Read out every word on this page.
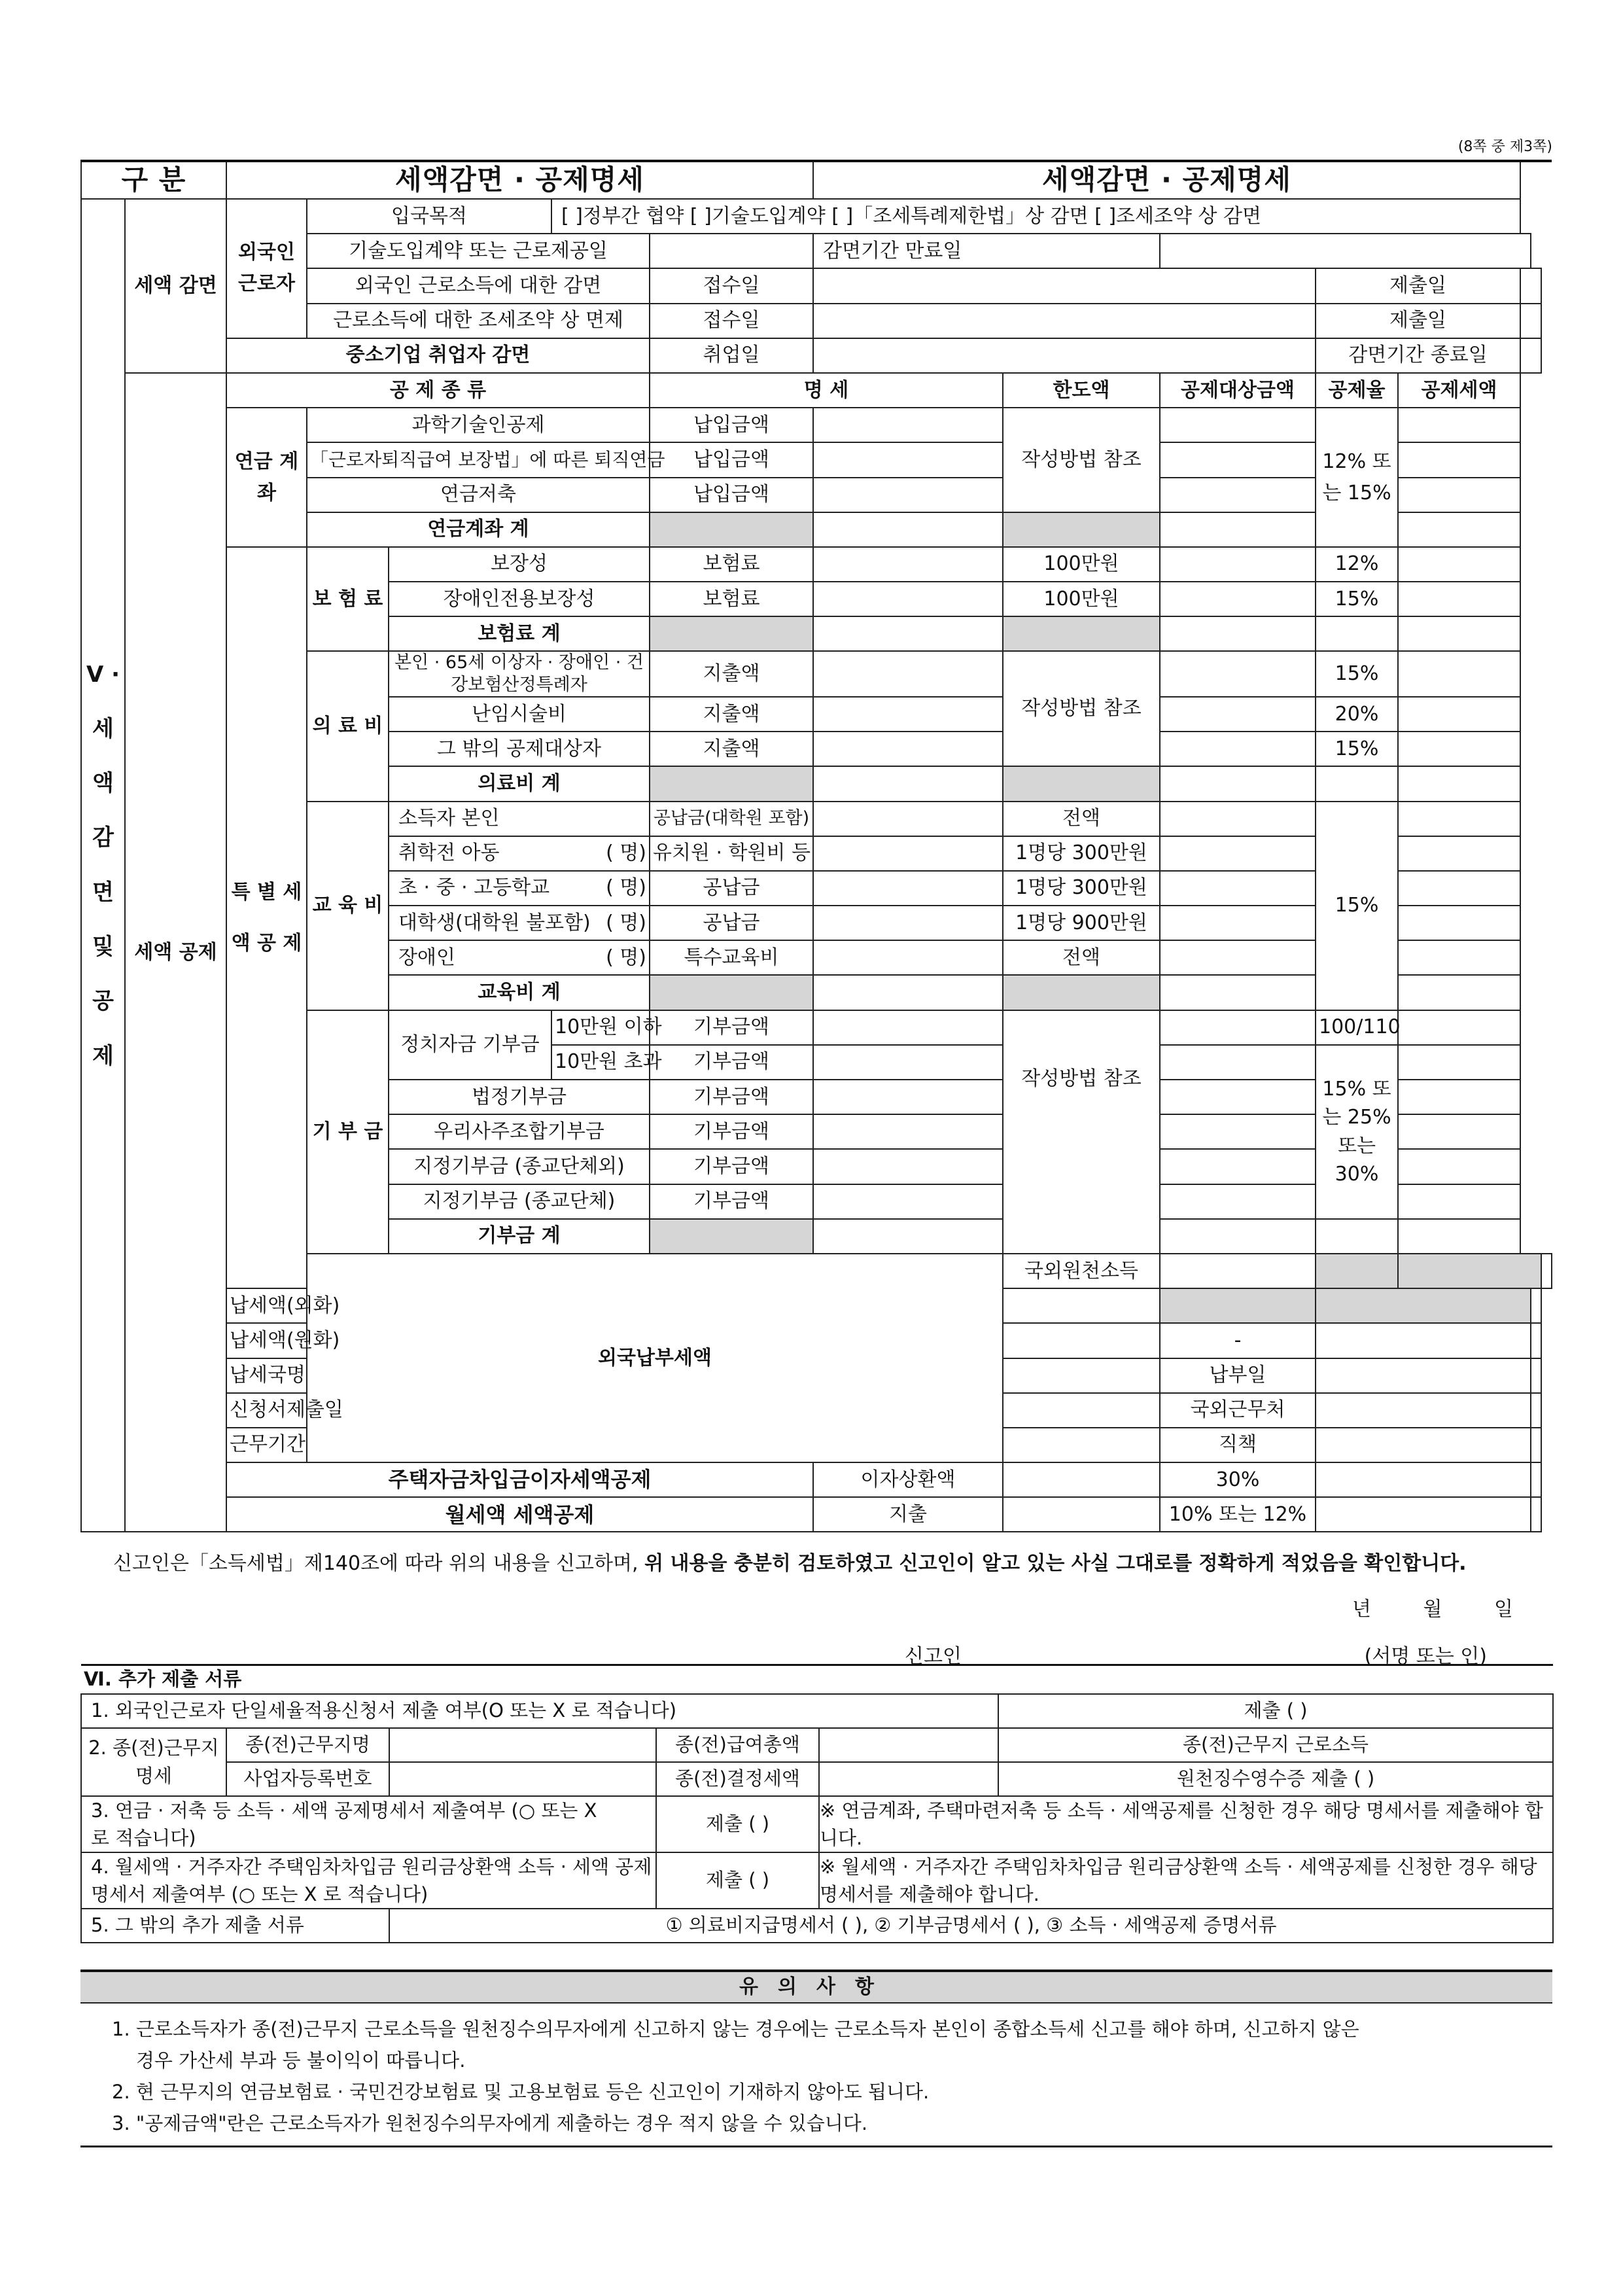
(8쪽 중 제3쪽)
구 분		세액감면 · 공제명세					세액감면 · 공제명세							
Ⅴ · 세 액 감 면 및 공 제	세액 감면	외국인 근로자	입국목적		[ ]정부간 협약 [ ]기술도입계약 [ ]「조세특례제한법」상 감면 [ ]조세조약 상 감면									
			기술도입계약 또는 근로제공일				감면기간 만료일							
			외국인 근로소득에 대한 감면			접수일				제출일				
			근로소득에 대한 조세조약 상 면제			접수일				제출일				
		중소기업 취업자 감면				취업일				감면기간 종료일				
	세액 공제	공 제 종 류				명 세		한도액	공제대상금액	공제율	공제세액			
		연금 계좌	과학기술인공제			납입금액		작성방법 참조		12% 또는 15%				
			「근로자퇴직급여 보장법」에 따른 퇴직연금			납입금액								
			연금저축			납입금액								
			연금계좌 계											
		특 별 세 액 공 제	보 험 료	보장성		보험료		100만원		12%				
				장애인전용보장성		보험료		100만원		15%				
				보험료 계										
			의 료 비	본인 · 65세 이상자 · 장애인 · 건강보험산정특례자		지출액		작성방법 참조		15%				
				난임시술비		지출액				20%				
				그 밖의 공제대상자		지출액				15%				
				의료비 계										
			교 육 비	소득자 본인		공납금(대학원 포함)		전액		15%				
				취학전 아동	( 명)	유치원 · 학원비 등		1명당 300만원						
				초 · 중 · 고등학교	( 명)	공납금		1명당 300만원						
				대학생(대학원 불포함)	( 명)	공납금		1명당 900만원						
				장애인	( 명)	특수교육비		전액						
				교육비 계										
			기 부 금	정치자금 기부금	10만원 이하	기부금액		작성방법 참조		100/110				
					10만원 초과	기부금액				15% 또는 25% 또는 30%				
				법정기부금		기부금액								
				우리사주조합기부금		기부금액								
				지정기부금 (종교단체외)		기부금액								
				지정기부금 (종교단체)		기부금액								
				기부금 계										
			외국납부세액					국외원천소득						
		납세액(외화)												
		납세액(원화)							-					
		납세국명							납부일					
		신청서제출일							국외근무처					
		근무기간							직책					
		주택자금차입금이자세액공제					이자상환액		30%					
		월세액 세액공제					지출		10% 또는 12%					
신고인은「소득세법」제140조에 따라 위의 내용을 신고하며, 위 내용을 충분히 검토하였고 신고인이 알고 있는 사실 그대로를 정확하게 적었음을 확인합니다.
년 월 일
신고인	(서명 또는 인)
Ⅵ. 추가 제출 서류					
1. 외국인근로자 단일세율적용신청서 제출 여부(O 또는 X 로 적습니다)					제출 ( )
2. 종(전)근무지 명세	종(전)근무지명		종(전)급여총액		종(전)근무지 근로소득
	사업자등록번호		종(전)결정세액		원천징수영수증 제출 ( )
3. 연금 · 저축 등 소득 · 세액 공제명세서 제출여부 (○ 또는 X 로 적습니다)			제출 ( )	※ 연금계좌, 주택마련저축 등 소득 · 세액공제를 신청한 경우 해당 명세서를 제출해야 합니다.	
4. 월세액 · 거주자간 주택임차차입금 원리금상환액 소득 · 세액 공제명세서 제출여부 (○ 또는 X 로 적습니다)			제출 ( )	※ 월세액 · 거주자간 주택임차차입금 원리금상환액 소득 · 세액공제를 신청한 경우 해당 명세서를 제출해야 합니다.	
5. 그 밖의 추가 제출 서류		① 의료비지급명세서 ( ), ② 기부금명세서 ( ), ③ 소득 · 세액공제 증명서류			
유의사항
1. 근로소득자가 종(전)근무지 근로소득을 원천징수의무자에게 신고하지 않는 경우에는 근로소득자 본인이 종합소득세 신고를 해야 하며, 신고하지 않은
경우 가산세 부과 등 불이익이 따릅니다.
2. 현 근무지의 연금보험료 · 국민건강보험료 및 고용보험료 등은 신고인이 기재하지 않아도 됩니다.
3. "공제금액"란은 근로소득자가 원천징수의무자에게 제출하는 경우 적지 않을 수 있습니다.
